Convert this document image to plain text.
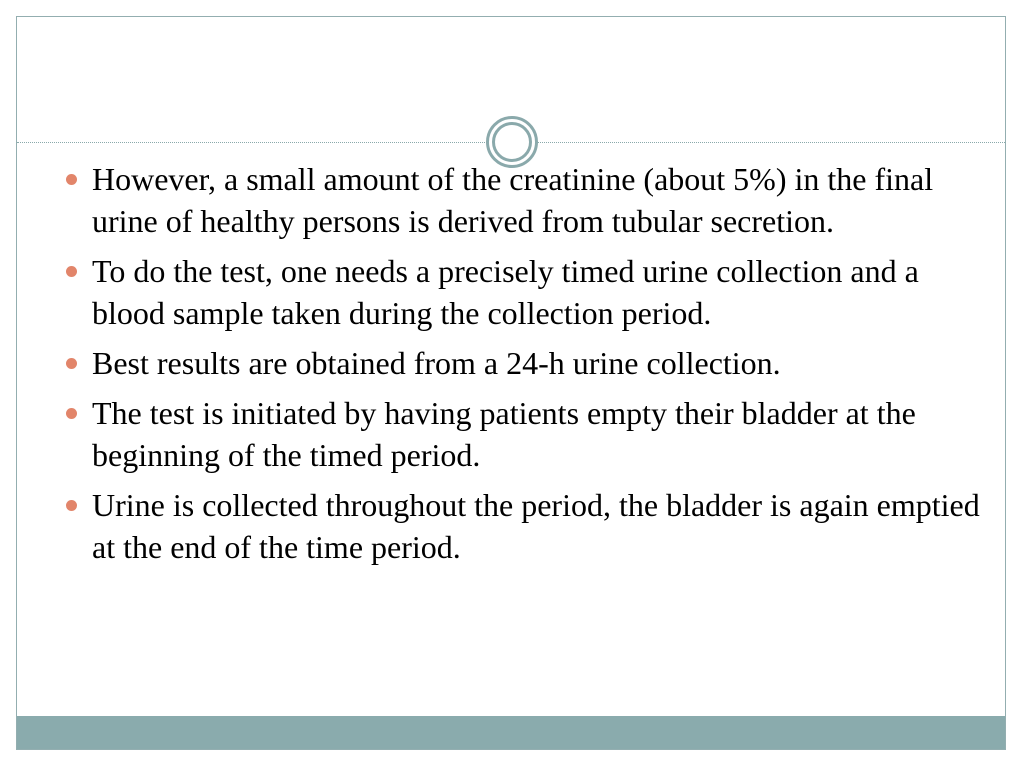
However, a small amount of the creatinine (about 5%) in the final urine of healthy persons is derived from tubular secretion.
To do the test, one needs a precisely timed urine collection and a blood sample taken during the collection period.
Best results are obtained from a 24-h urine collection.
The test is initiated by having patients empty their bladder at the beginning of the timed period.
Urine is collected throughout the period, the bladder is again emptied at the end of the time period.
